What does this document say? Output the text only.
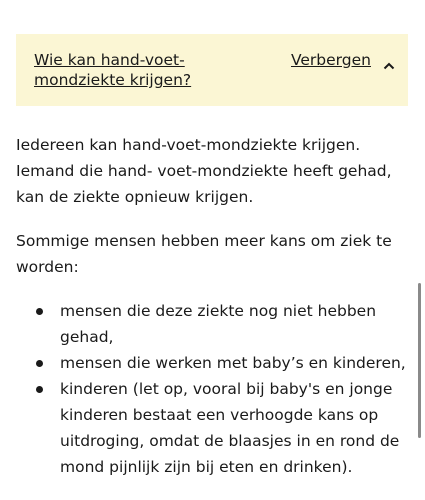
Wie kan hand-voet-mondziekte krijgen?
Verbergen

Iedereen kan hand-voet-mondziekte krijgen. Iemand die hand- voet-mondziekte heeft gehad, kan de ziekte opnieuw krijgen.

Sommige mensen hebben meer kans om ziek te worden:

mensen die deze ziekte nog niet hebben gehad,
mensen die werken met baby’s en kinderen,
kinderen (let op, vooral bij baby's en jonge kinderen bestaat een verhoogde kans op uitdroging, omdat de blaasjes in en rond de mond pijnlijk zijn bij eten en drinken).
